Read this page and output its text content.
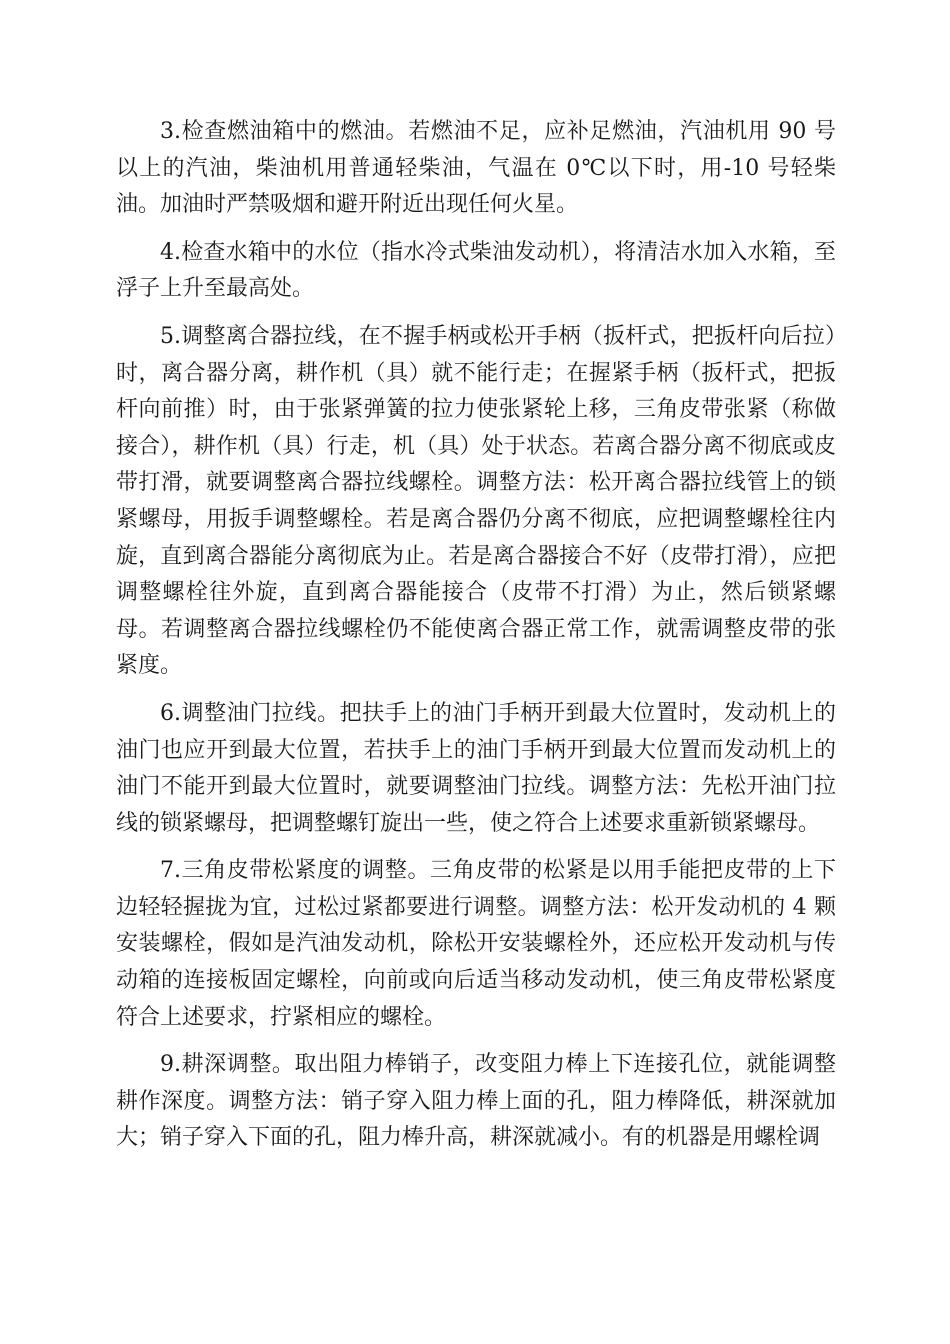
3.检查燃油箱中的燃油。若燃油不足，应补足燃油，汽油机用 90 号以上的汽油，柴油机用普通轻柴油，气温在 0℃以下时，用-10 号轻柴油。加油时严禁吸烟和避开附近出现任何火星。

4.检查水箱中的水位（指水冷式柴油发动机），将清洁水加入水箱，至浮子上升至最高处。

5.调整离合器拉线，在不握手柄或松开手柄（扳杆式，把扳杆向后拉）时，离合器分离，耕作机（具）就不能行走；在握紧手柄（扳杆式，把扳杆向前推）时，由于张紧弹簧的拉力使张紧轮上移，三角皮带张紧（称做接合），耕作机（具）行走，机（具）处于状态。若离合器分离不彻底或皮带打滑，就要调整离合器拉线螺栓。调整方法：松开离合器拉线管上的锁紧螺母，用扳手调整螺栓。若是离合器仍分离不彻底，应把调整螺栓往内旋，直到离合器能分离彻底为止。若是离合器接合不好（皮带打滑），应把调整螺栓往外旋，直到离合器能接合（皮带不打滑）为止，然后锁紧螺母。若调整离合器拉线螺栓仍不能使离合器正常工作，就需调整皮带的张紧度。

6.调整油门拉线。把扶手上的油门手柄开到最大位置时，发动机上的油门也应开到最大位置，若扶手上的油门手柄开到最大位置而发动机上的油门不能开到最大位置时，就要调整油门拉线。调整方法：先松开油门拉线的锁紧螺母，把调整螺钉旋出一些，使之符合上述要求重新锁紧螺母。

7.三角皮带松紧度的调整。三角皮带的松紧是以用手能把皮带的上下边轻轻握拢为宜，过松过紧都要进行调整。调整方法：松开发动机的 4 颗安装螺栓，假如是汽油发动机，除松开安装螺栓外，还应松开发动机与传动箱的连接板固定螺栓，向前或向后适当移动发动机，使三角皮带松紧度符合上述要求，拧紧相应的螺栓。

9.耕深调整。取出阻力棒销子，改变阻力棒上下连接孔位，就能调整耕作深度。调整方法：销子穿入阻力棒上面的孔，阻力棒降低，耕深就加大；销子穿入下面的孔，阻力棒升高，耕深就减小。有的机器是用螺栓调
